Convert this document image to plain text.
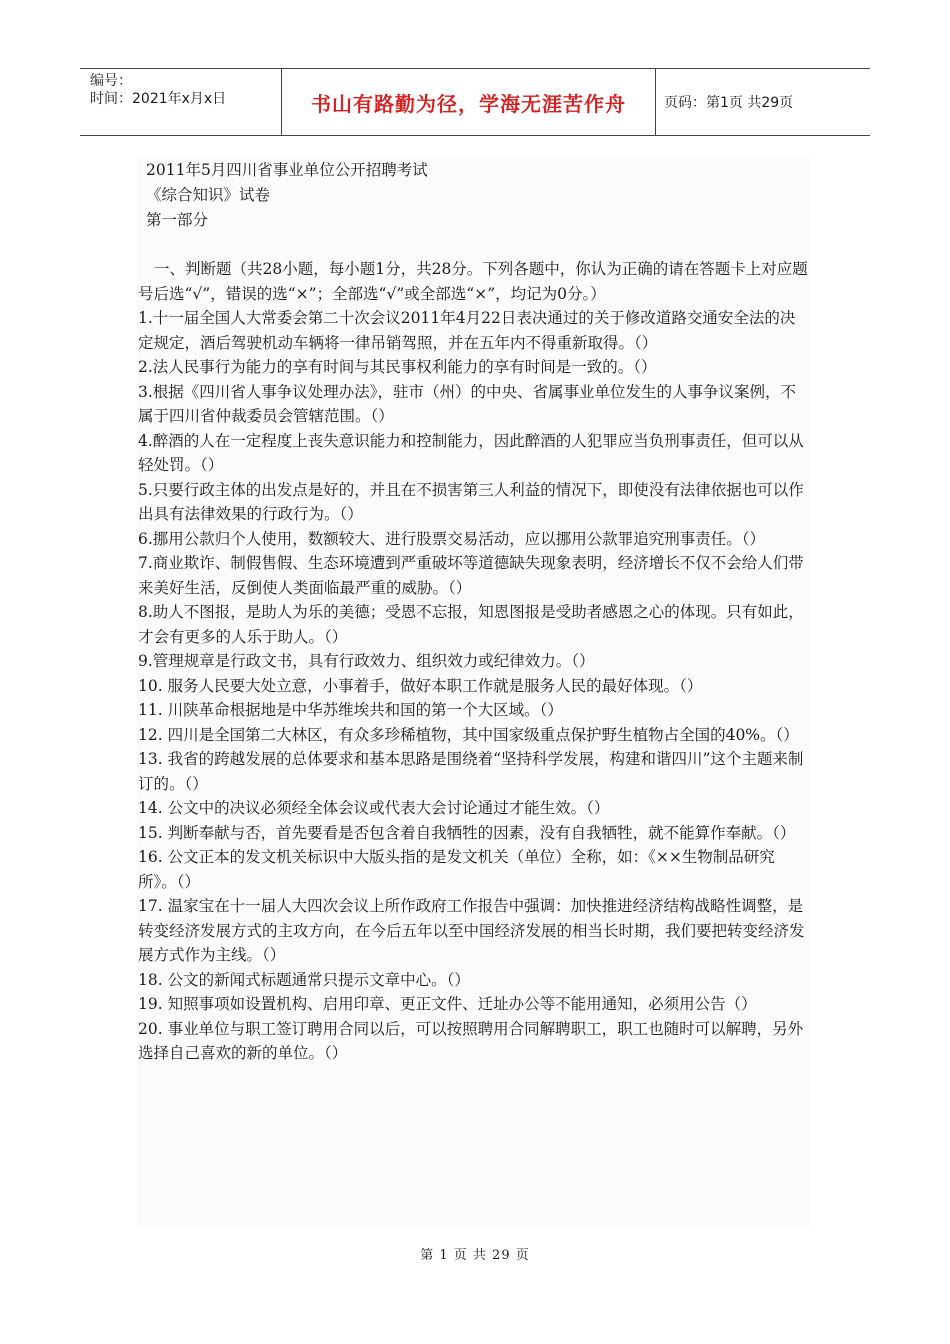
编号：
时间：2021年x月x日	书山有路勤为径，学海无涯苦作舟	页码：第1页 共29页
2011年5月四川省事业单位公开招聘考试
《综合知识》试卷
第一部分
一、判断题（共28小题，每小题1分，共28分。下列各题中，你认为正确的请在答题卡上对应题号后选“√”，错误的选“×”；全部选“√”或全部选“×”，均记为0分。）
1.十一届全国人大常委会第二十次会议2011年4月22日表决通过的关于修改道路交通安全法的决定规定，酒后驾驶机动车辆将一律吊销驾照，并在五年内不得重新取得。（）
2.法人民事行为能力的享有时间与其民事权利能力的享有时间是一致的。（）
3.根据《四川省人事争议处理办法》，驻市（州）的中央、省属事业单位发生的人事争议案例，不属于四川省仲裁委员会管辖范围。（）
4.醉酒的人在一定程度上丧失意识能力和控制能力，因此醉酒的人犯罪应当负刑事责任，但可以从轻处罚。（）
5.只要行政主体的出发点是好的，并且在不损害第三人利益的情况下，即使没有法律依据也可以作出具有法律效果的行政行为。（）
6.挪用公款归个人使用，数额较大、进行股票交易活动，应以挪用公款罪追究刑事责任。（）
7.商业欺诈、制假售假、生态环境遭到严重破坏等道德缺失现象表明，经济增长不仅不会给人们带来美好生活，反倒使人类面临最严重的威胁。（）
8.助人不图报，是助人为乐的美德；受恩不忘报，知恩图报是受助者感恩之心的体现。只有如此，才会有更多的人乐于助人。（）
9.管理规章是行政文书，具有行政效力、组织效力或纪律效力。（）
10. 服务人民要大处立意，小事着手，做好本职工作就是服务人民的最好体现。（）
11. 川陕革命根据地是中华苏维埃共和国的第一个大区域。（）
12. 四川是全国第二大林区，有众多珍稀植物，其中国家级重点保护野生植物占全国的40%。（）
13. 我省的跨越发展的总体要求和基本思路是围绕着“坚持科学发展，构建和谐四川”这个主题来制订的。（）
14. 公文中的决议必须经全体会议或代表大会讨论通过才能生效。（）
15. 判断奉献与否，首先要看是否包含着自我牺牲的因素，没有自我牺牲，就不能算作奉献。（）
16. 公文正本的发文机关标识中大版头指的是发文机关（单位）全称，如：《××生物制品研究所》。（）
17. 温家宝在十一届人大四次会议上所作政府工作报告中强调：加快推进经济结构战略性调整，是转变经济发展方式的主攻方向，在今后五年以至中国经济发展的相当长时期，我们要把转变经济发展方式作为主线。（）
18. 公文的新闻式标题通常只提示文章中心。（）
19. 知照事项如设置机构、启用印章、更正文件、迁址办公等不能用通知，必须用公告（）
20. 事业单位与职工签订聘用合同以后，可以按照聘用合同解聘职工，职工也随时可以解聘，另外选择自己喜欢的新的单位。（）
第 1 页 共 29 页
